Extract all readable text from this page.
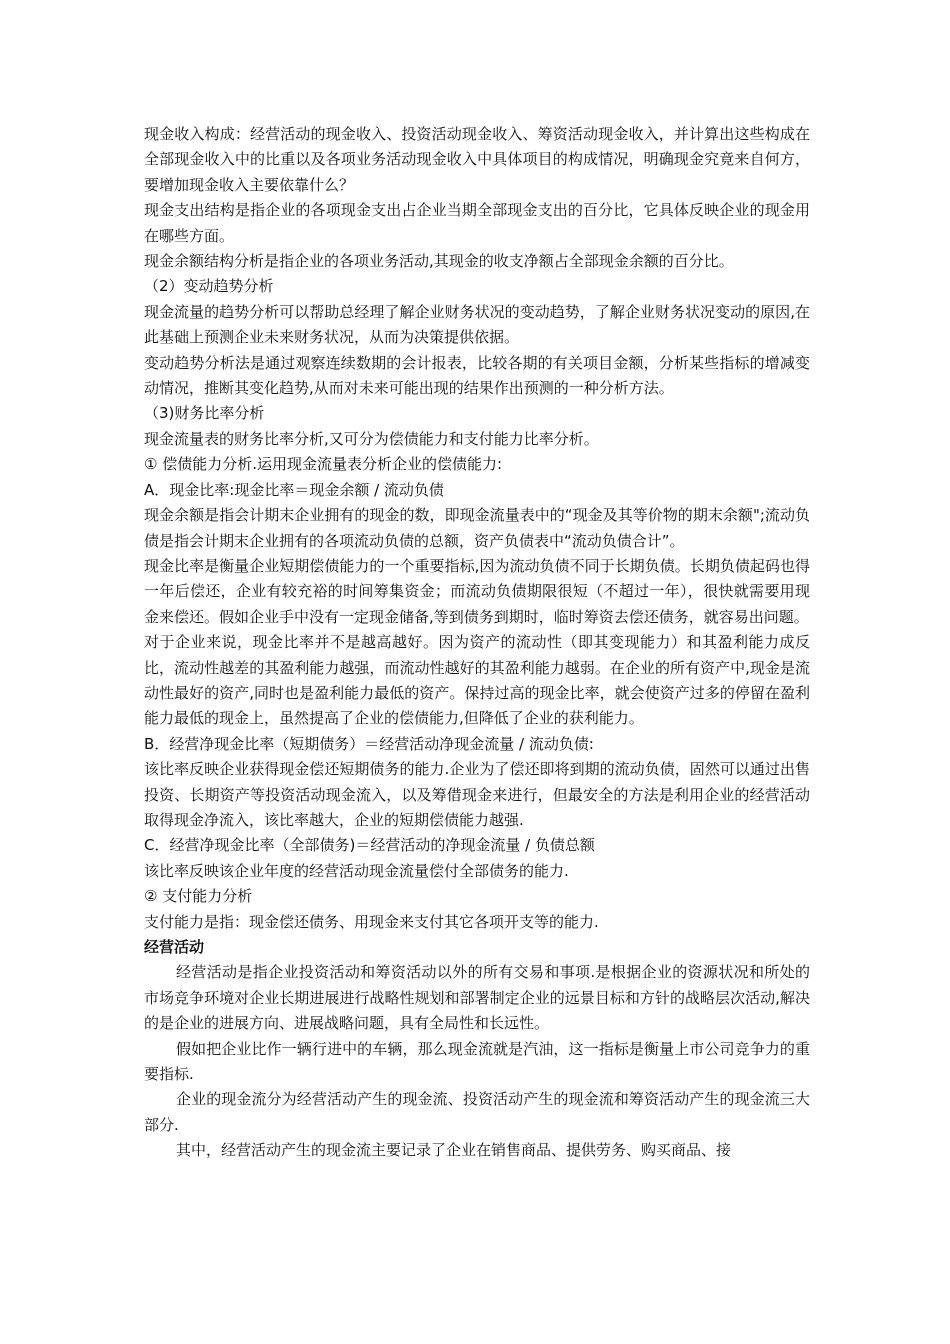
现金收入构成：经营活动的现金收入、投资活动现金收入、筹资活动现金收入，并计算出这些构成在全部现金收入中的比重以及各项业务活动现金收入中具体项目的构成情况，明确现金究竟来自何方，要增加现金收入主要依靠什么？

现金支出结构是指企业的各项现金支出占企业当期全部现金支出的百分比，它具体反映企业的现金用在哪些方面。

现金余额结构分析是指企业的各项业务活动,其现金的收支净额占全部现金余额的百分比。

（2）变动趋势分析

现金流量的趋势分析可以帮助总经理了解企业财务状况的变动趋势，了解企业财务状况变动的原因,在此基础上预测企业未来财务状况，从而为决策提供依据。

变动趋势分析法是通过观察连续数期的会计报表，比较各期的有关项目金额，分析某些指标的增减变动情况，推断其变化趋势,从而对未来可能出现的结果作出预测的一种分析方法。

（3)财务比率分析

现金流量表的财务比率分析,又可分为偿债能力和支付能力比率分析。

① 偿债能力分析.运用现金流量表分析企业的偿债能力:

A．现金比率:现金比率＝现金余额 / 流动负债

现金余额是指会计期末企业拥有的现金的数，即现金流量表中的“现金及其等价物的期末余额";流动负债是指会计期末企业拥有的各项流动负债的总额，资产负债表中“流动负债合计”。

现金比率是衡量企业短期偿债能力的一个重要指标,因为流动负债不同于长期负债。长期负债起码也得一年后偿还，企业有较充裕的时间筹集资金；而流动负债期限很短（不超过一年），很快就需要用现金来偿还。假如企业手中没有一定现金储备,等到债务到期时，临时筹资去偿还债务，就容易出问题。

对于企业来说，现金比率并不是越高越好。因为资产的流动性（即其变现能力）和其盈利能力成反比，流动性越差的其盈利能力越强，而流动性越好的其盈利能力越弱。在企业的所有资产中,现金是流动性最好的资产,同时也是盈利能力最低的资产。保持过高的现金比率，就会使资产过多的停留在盈利能力最低的现金上，虽然提高了企业的偿债能力,但降低了企业的获利能力。

B．经营净现金比率（短期债务）＝经营活动净现金流量 / 流动负债:

该比率反映企业获得现金偿还短期债务的能力.企业为了偿还即将到期的流动负债，固然可以通过出售投资、长期资产等投资活动现金流入，以及筹借现金来进行，但最安全的方法是利用企业的经营活动取得现金净流入，该比率越大，企业的短期偿债能力越强.

C．经营净现金比率（全部债务)＝经营活动的净现金流量 / 负债总额

该比率反映该企业年度的经营活动现金流量偿付全部债务的能力.

② 支付能力分析

支付能力是指：现金偿还债务、用现金来支付其它各项开支等的能力.

经营活动

经营活动是指企业投资活动和筹资活动以外的所有交易和事项.是根据企业的资源状况和所处的市场竞争环境对企业长期进展进行战略性规划和部署制定企业的远景目标和方针的战略层次活动,解决的是企业的进展方向、进展战略问题，具有全局性和长远性。

假如把企业比作一辆行进中的车辆，那么现金流就是汽油，这一指标是衡量上市公司竞争力的重要指标.

企业的现金流分为经营活动产生的现金流、投资活动产生的现金流和筹资活动产生的现金流三大部分.

其中，经营活动产生的现金流主要记录了企业在销售商品、提供劳务、购买商品、接
